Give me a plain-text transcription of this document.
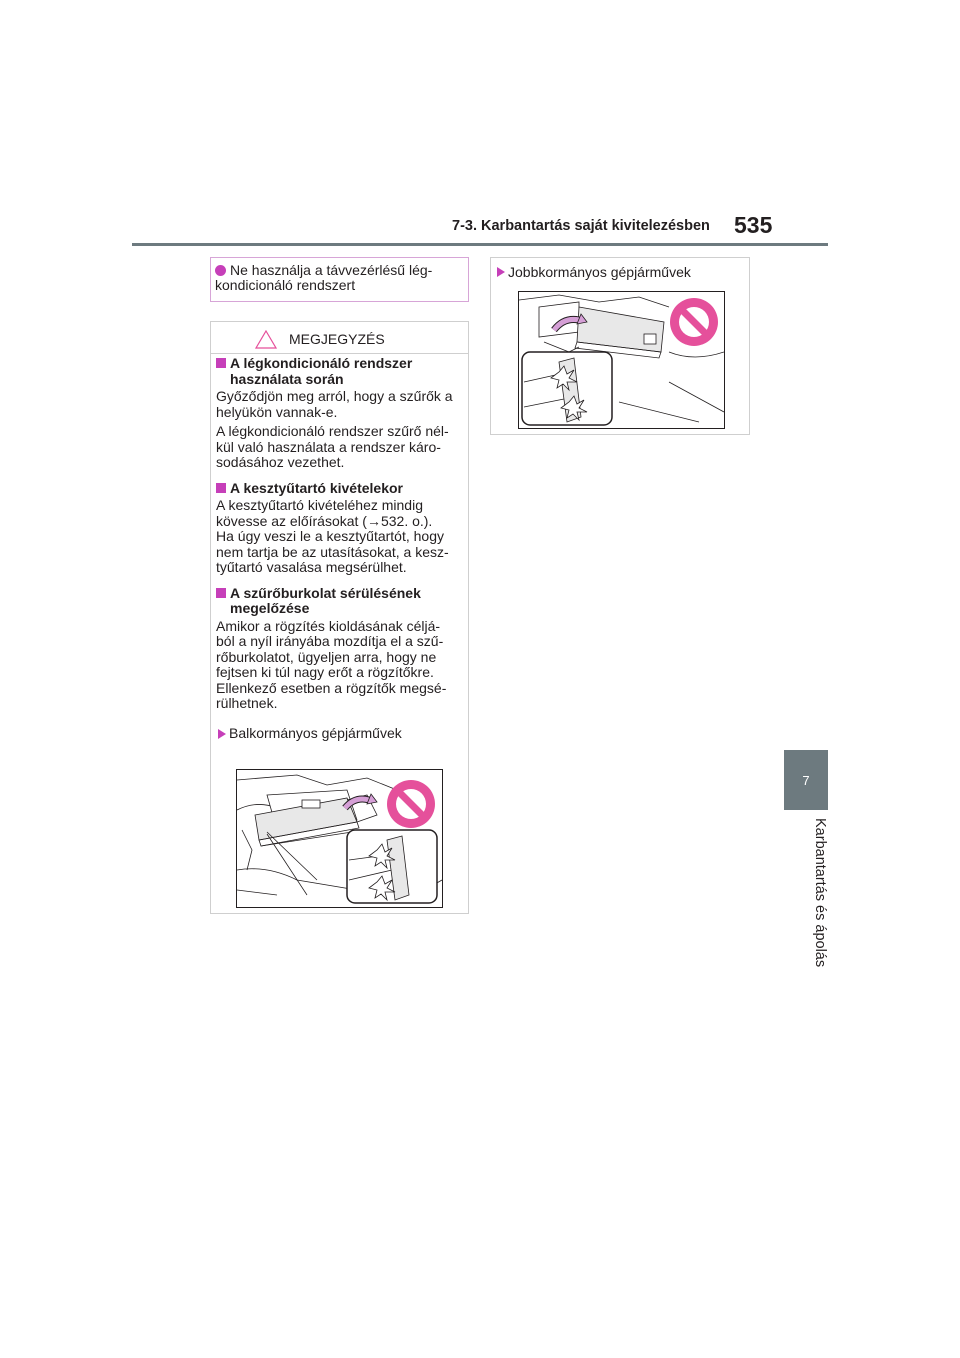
7-3. Karbantartás saját kivitelezésben 535
7
Karbantartás és ápolás
Ne használja a távvezérlésű lég-
kondicionáló rendszert
MEGJEGYZÉS
A légkondicionáló rendszer
használata során
Győződjön meg arról, hogy a szűrők a
helyükön vannak-e.
A légkondicionáló rendszer szűrő nél-
kül való használata a rendszer káro-
sodásához vezethet.
A kesztyűtartó kivételekor
A kesztyűtartó kivételéhez mindig
kövesse az előírásokat (→532. o.).
Ha úgy veszi le a kesztyűtartót, hogy
nem tartja be az utasításokat, a kesz-
tyűtartó vasalása megsérülhet.
A szűrőburkolat sérülésének
megelőzése
Amikor a rögzítés kioldásának céljá-
ból a nyíl irányába mozdítja el a szű-
rőburkolatot, ügyeljen arra, hogy ne
fejtsen ki túl nagy erőt a rögzítőkre.
Ellenkező esetben a rögzítők megsé-
rülhetnek.
Balkormányos gépjárművek
Jobbkormányos gépjárművek
